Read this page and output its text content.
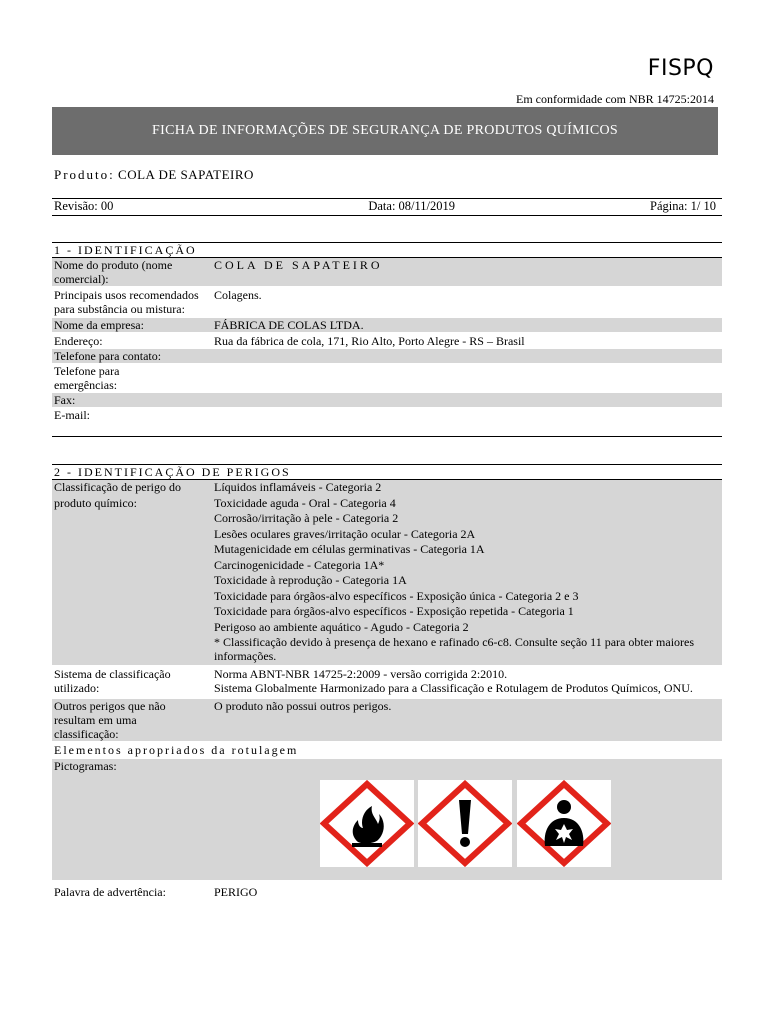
FISPQ
Em conformidade com NBR 14725:2014
FICHA DE INFORMAÇÕES DE SEGURANÇA DE PRODUTOS QUÍMICOS
Produto: COLA DE SAPATEIRO
Revisão: 00	Data: 08/11/2019	Página: 1/ 10
1 - IDENTIFICAÇÃO
Nome do produto (nome comercial):
COLA DE SAPATEIRO
Principais usos recomendados para substância ou mistura:
Colagens.
Nome da empresa:	FÁBRICA DE COLAS LTDA.
Endereço:	Rua da fábrica de cola, 171, Rio Alto, Porto Alegre - RS – Brasil
Telefone para contato:
Telefone para emergências:
Fax:
E-mail:
2 - IDENTIFICAÇÃO DE PERIGOS
Classificação de perigo do produto químico:
Líquidos inflamáveis - Categoria 2
Toxicidade aguda - Oral - Categoria 4
Corrosão/irritação à pele - Categoria 2
Lesões oculares graves/irritação ocular - Categoria 2A
Mutagenicidade em células germinativas - Categoria 1A
Carcinogenicidade - Categoria 1A*
Toxicidade à reprodução - Categoria 1A
Toxicidade para órgãos-alvo específicos - Exposição única - Categoria 2 e 3
Toxicidade para órgãos-alvo específicos - Exposição repetida - Categoria 1
Perigoso ao ambiente aquático - Agudo - Categoria 2
* Classificação devido à presença de hexano e rafinado c6-c8. Consulte seção 11 para obter maiores informações.
Sistema de classificação utilizado:
Norma ABNT-NBR 14725-2:2009 - versão corrigida 2:2010.
Sistema Globalmente Harmonizado para a Classificação e Rotulagem de Produtos Químicos, ONU.
Outros perigos que não resultam em uma classificação:
O produto não possui outros perigos.
Elementos apropriados da rotulagem
Pictogramas:
Palavra de advertência:	PERIGO
